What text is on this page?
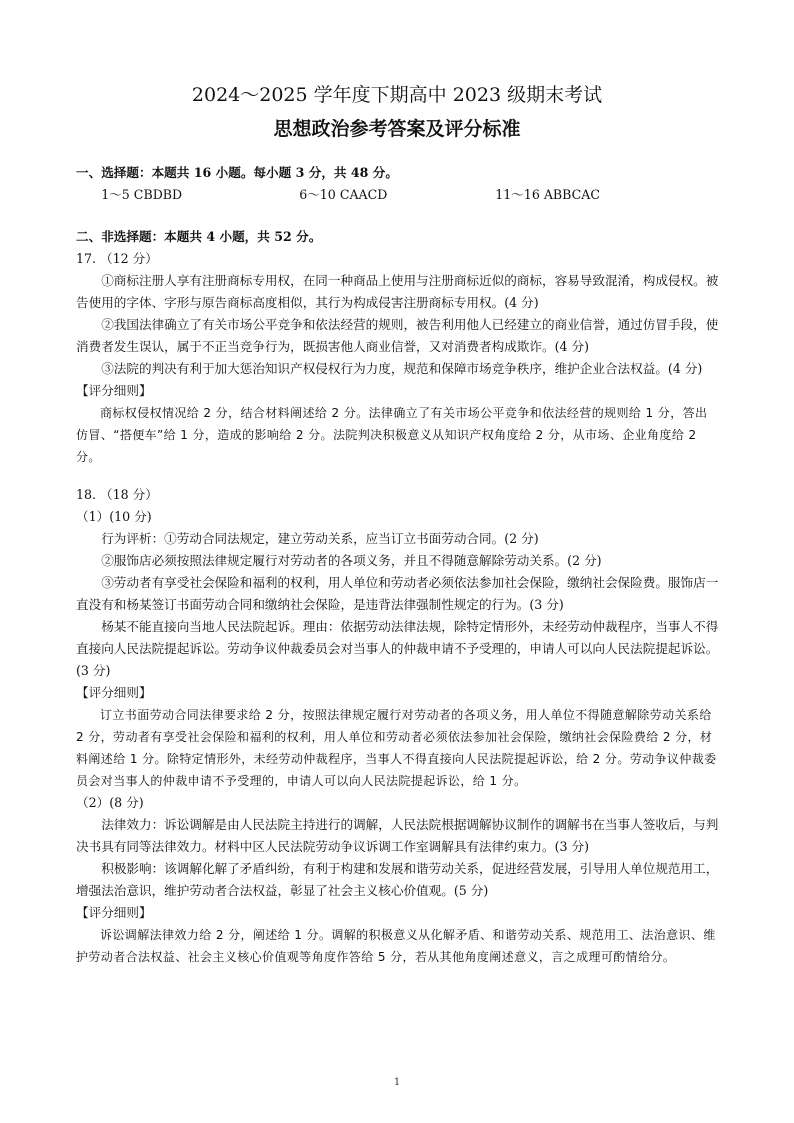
2024～2025 学年度下期高中 2023 级期末考试
思想政治参考答案及评分标准

一、选择题：本题共 16 小题。每小题 3 分，共 48 分。

1～5 CBDBD	6～10 CAACD	11～16 ABBCAC

二、非选择题：本题共 4 小题，共 52 分。

17. （12 分）

①商标注册人享有注册商标专用权，在同一种商品上使用与注册商标近似的商标，容易导致混淆，构成侵权。被告使用的字体、字形与原告商标高度相似，其行为构成侵害注册商标专用权。(4 分)

②我国法律确立了有关市场公平竞争和依法经营的规则，被告利用他人已经建立的商业信誉，通过仿冒手段，使消费者发生误认，属于不正当竞争行为，既损害他人商业信誉，又对消费者构成欺诈。(4 分)

③法院的判决有利于加大惩治知识产权侵权行为力度，规范和保障市场竞争秩序，维护企业合法权益。(4 分)

【评分细则】

商标权侵权情况给 2 分，结合材料阐述给 2 分。法律确立了有关市场公平竞争和依法经营的规则给 1 分，答出仿冒、“搭便车”给 1 分，造成的影响给 2 分。法院判决积极意义从知识产权角度给 2 分，从市场、企业角度给 2 分。

18. （18 分）

（1）(10 分)

行为评析：①劳动合同法规定，建立劳动关系，应当订立书面劳动合同。(2 分)

②服饰店必须按照法律规定履行对劳动者的各项义务，并且不得随意解除劳动关系。(2 分)

③劳动者有享受社会保险和福利的权利，用人单位和劳动者必须依法参加社会保险，缴纳社会保险费。服饰店一直没有和杨某签订书面劳动合同和缴纳社会保险，是违背法律强制性规定的行为。(3 分)

杨某不能直接向当地人民法院起诉。理由：依据劳动法律法规，除特定情形外，未经劳动仲裁程序，当事人不得直接向人民法院提起诉讼。劳动争议仲裁委员会对当事人的仲裁申请不予受理的，申请人可以向人民法院提起诉讼。(3 分)

【评分细则】

订立书面劳动合同法律要求给 2 分，按照法律规定履行对劳动者的各项义务，用人单位不得随意解除劳动关系给 2 分，劳动者有享受社会保险和福利的权利，用人单位和劳动者必须依法参加社会保险，缴纳社会保险费给 2 分，材料阐述给 1 分。除特定情形外，未经劳动仲裁程序，当事人不得直接向人民法院提起诉讼，给 2 分。劳动争议仲裁委员会对当事人的仲裁申请不予受理的，申请人可以向人民法院提起诉讼，给 1 分。

（2）(8 分)

法律效力：诉讼调解是由人民法院主持进行的调解，人民法院根据调解协议制作的调解书在当事人签收后，与判决书具有同等法律效力。材料中区人民法院劳动争议诉调工作室调解具有法律约束力。(3 分)

积极影响：该调解化解了矛盾纠纷，有利于构建和发展和谐劳动关系，促进经营发展，引导用人单位规范用工，增强法治意识，维护劳动者合法权益，彰显了社会主义核心价值观。(5 分)

【评分细则】

诉讼调解法律效力给 2 分，阐述给 1 分。调解的积极意义从化解矛盾、和谐劳动关系、规范用工、法治意识、维护劳动者合法权益、社会主义核心价值观等角度作答给 5 分，若从其他角度阐述意义，言之成理可酌情给分。

1
